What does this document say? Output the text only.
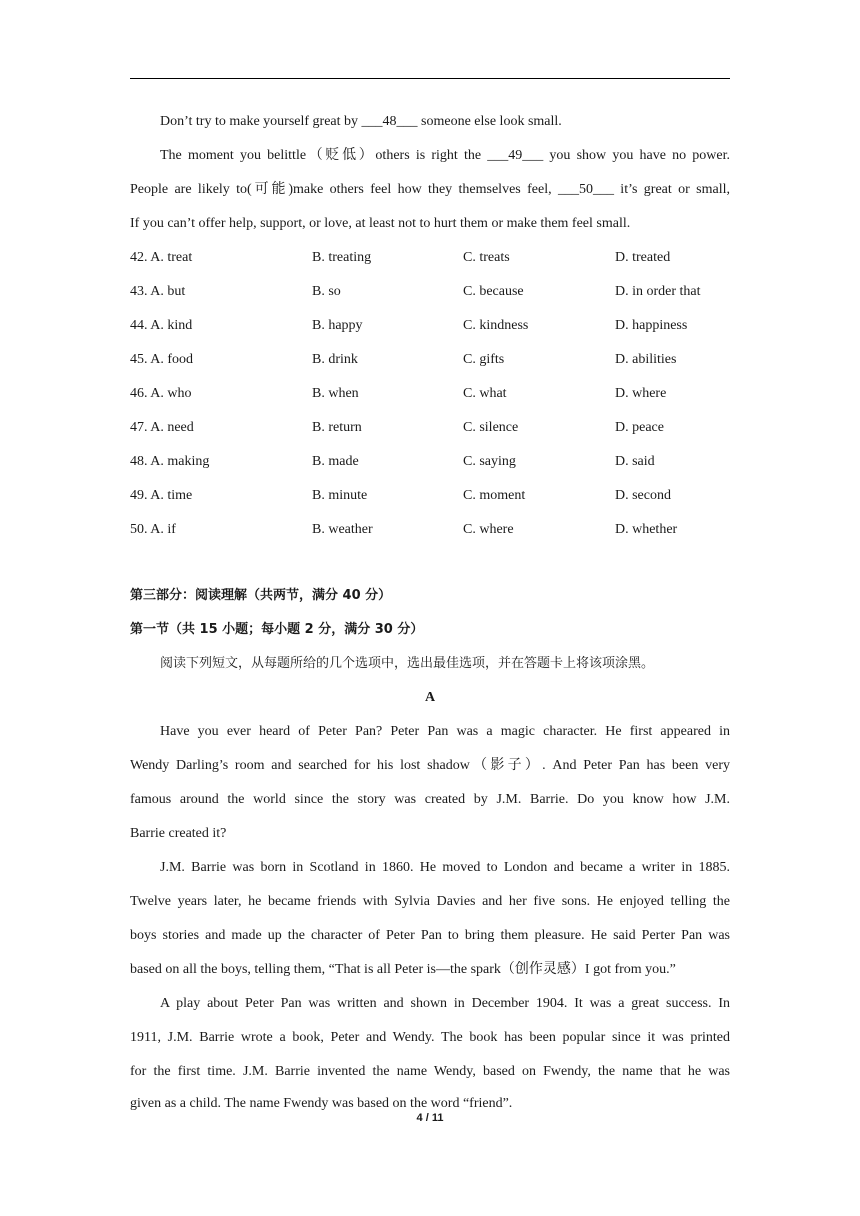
Don’t try to make yourself great by ___48___ someone else look small.
The moment you belittle（贬低）others is right the ___49___ you show you have no power.
People are likely to(可能)make others feel how they themselves feel, ___50___ it’s great or small,
If you can’t offer help, support, or love, at least not to hurt them or make them feel small.
42. A. treat	B. treating	C. treats	D. treated
43. A. but	B. so	C. because	D. in order that
44. A. kind	B. happy	C. kindness	D. happiness
45. A. food	B. drink	C. gifts	D. abilities
46. A. who	B. when	C. what	D. where
47. A. need	B. return	C. silence	D. peace
48. A. making	B. made	C. saying	D. said
49. A. time	B. minute	C. moment	D. second
50. A. if	B. weather	C. where	D. whether
第三部分：阅读理解（共两节，满分 40 分）
第一节（共 15 小题；每小题 2 分，满分 30 分）
阅读下列短文，从每题所给的几个选项中，选出最佳选项，并在答题卡上将该项涂黑。
A
Have you ever heard of Peter Pan? Peter Pan was a magic character. He first appeared in
Wendy Darling’s room and searched for his lost shadow（影子）. And Peter Pan has been very
famous around the world since the story was created by J.M. Barrie. Do you know how J.M.
Barrie created it?
J.M. Barrie was born in Scotland in 1860. He moved to London and became a writer in 1885.
Twelve years later, he became friends with Sylvia Davies and her five sons. He enjoyed telling the
boys stories and made up the character of Peter Pan to bring them pleasure. He said Perter Pan was
based on all the boys, telling them, “That is all Peter is—the spark（创作灵感）I got from you.”
A play about Peter Pan was written and shown in December 1904. It was a great success. In
1911, J.M. Barrie wrote a book, Peter and Wendy. The book has been popular since it was printed
for the first time. J.M. Barrie invented the name Wendy, based on Fwendy, the name that he was
given as a child. The name Fwendy was based on the word “friend”.
4 / 11
